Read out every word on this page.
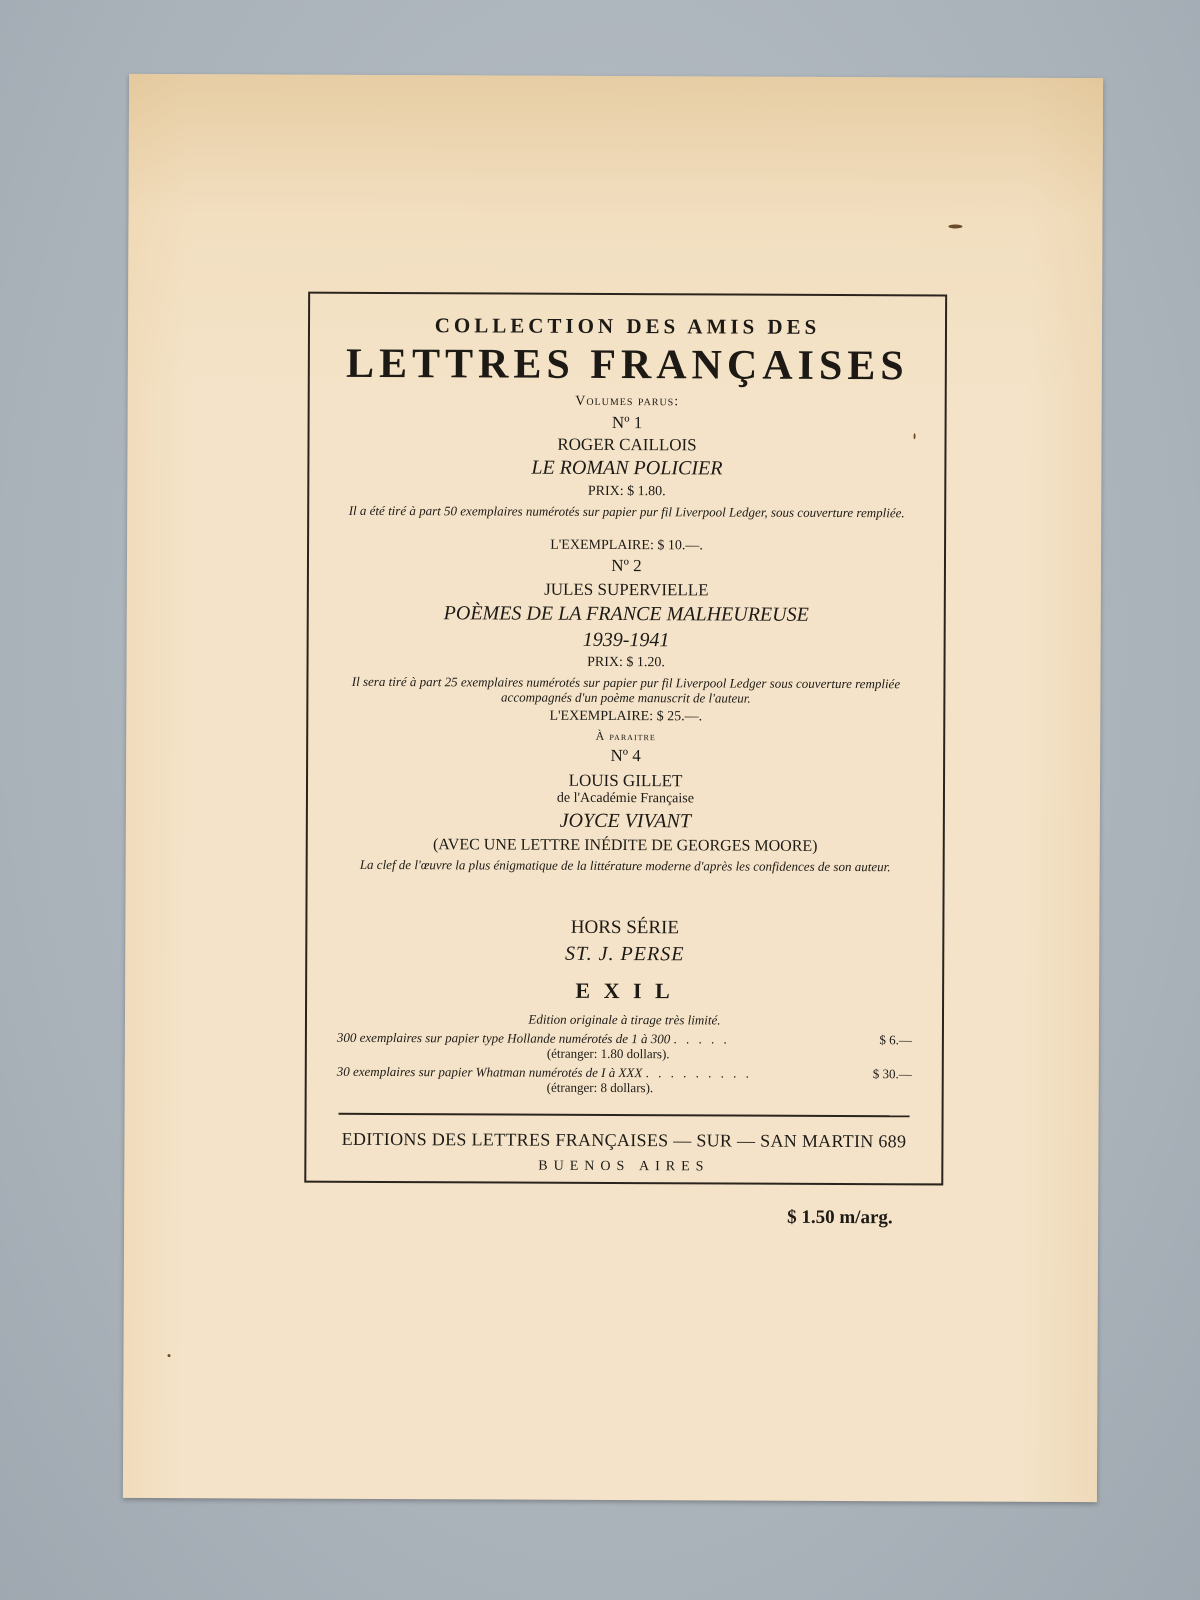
COLLECTION DES AMIS DES
LETTRES FRANÇAISES
Volumes parus:
Nº 1
ROGER CAILLOIS
LE ROMAN POLICIER
PRIX: $ 1.80.
Il a été tiré à part 50 exemplaires numérotés sur papier pur fil Liverpool Ledger, sous couverture rempliée.
L'EXEMPLAIRE: $ 10.—.
Nº 2
JULES SUPERVIELLE
POÈMES DE LA FRANCE MALHEUREUSE
1939-1941
PRIX: $ 1.20.
Il sera tiré à part 25 exemplaires numérotés sur papier pur fil Liverpool Ledger sous couverture rempliée accompagnés d'un poème manuscrit de l'auteur.
L'EXEMPLAIRE: $ 25.—.
À paraitre
Nº 4
LOUIS GILLET
de l'Académie Française
JOYCE VIVANT
(AVEC UNE LETTRE INÉDITE DE GEORGES MOORE)
La clef de l'œuvre la plus énigmatique de la littérature moderne d'après les confidences de son auteur.
HORS SÉRIE
ST. J. PERSE
E X I L
Edition originale à tirage très limité.
300 exemplaires sur papier type Hollande numérotés de 1 à 300 . . . . .	$ 6.—
(étranger: 1.80 dollars).
30 exemplaires sur papier Whatman numérotés de I à XXX . . . . . . . . .	$ 30.—
(étranger: 8 dollars).
EDITIONS DES LETTRES FRANÇAISES — SUR — SAN MARTIN 689
BUENOS AIRES
$ 1.50 m/arg.
